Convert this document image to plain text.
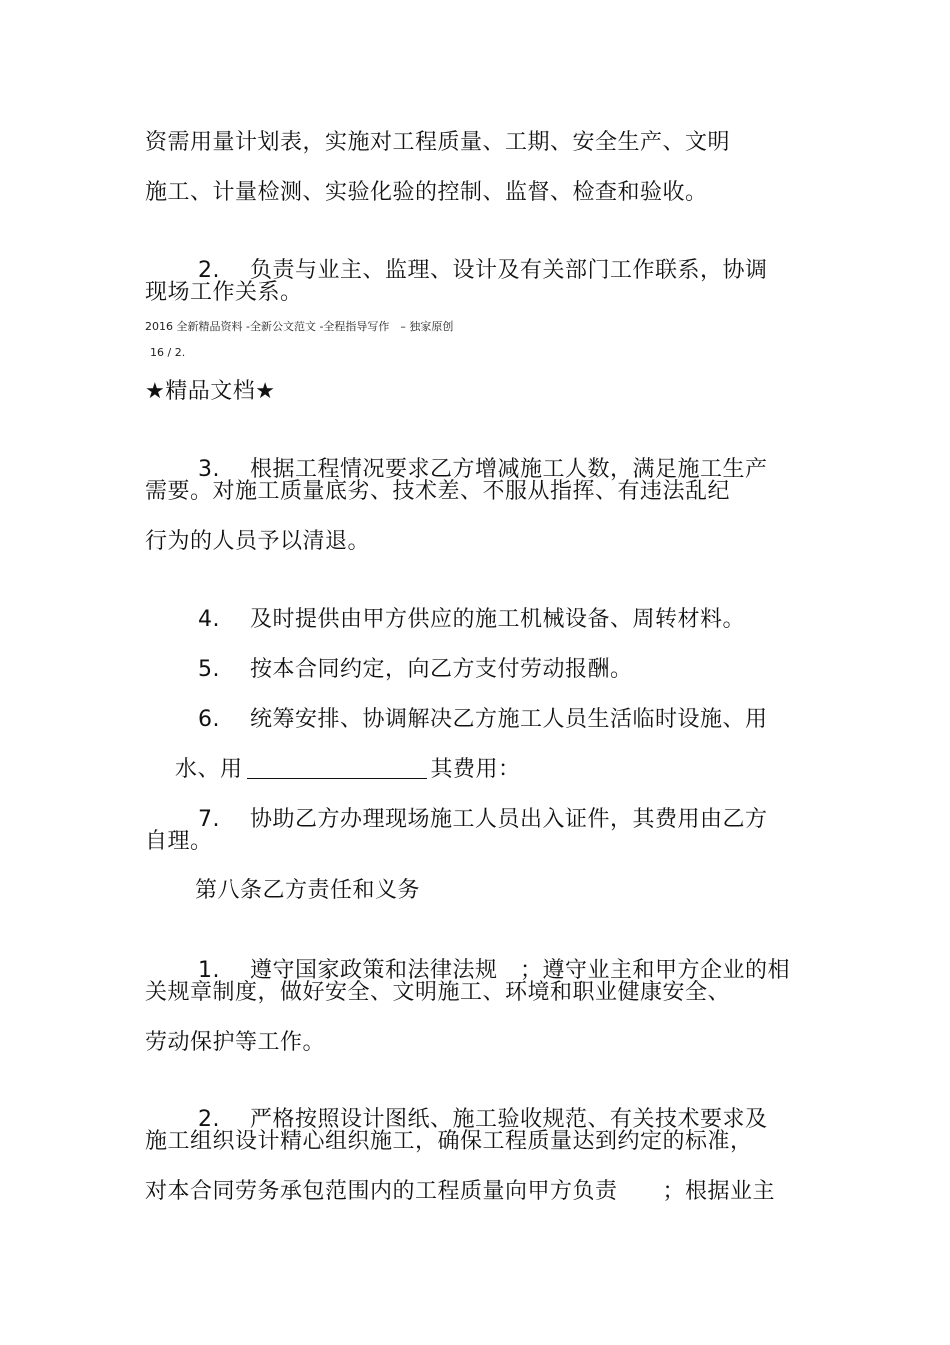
资需用量计划表，实施对工程质量、工期、安全生产、文明
施工、计量检测、实验化验的控制、监督、检查和验收。

2. 负责与业主、监理、设计及有关部门工作联系，协调

现场工作关系。
2016 全新精品资料 -全新公文范文 -全程指导写作　– 独家原创
16 / 2.
★精品文档★

3. 根据工程情况要求乙方增减施工人数，满足施工生产

需要。对施工质量底劣、技术差、不服从指挥、有违法乱纪
行为的人员予以清退。

4. 及时提供由甲方供应的施工机械设备、周转材料。

5. 按本合同约定，向乙方支付劳动报酬。

6. 统筹安排、协调解决乙方施工人员生活临时设施、用

水、用	其费用：

7. 协助乙方办理现场施工人员出入证件，其费用由乙方

自理。
第八条乙方责任和义务

1. 遵守国家政策和法律法规　；遵守业主和甲方企业的相

关规章制度，做好安全、文明施工、环境和职业健康安全、
劳动保护等工作。

2. 严格按照设计图纸、施工验收规范、有关技术要求及

施工组织设计精心组织施工，确保工程质量达到约定的标准，
对本合同劳务承包范围内的工程质量向甲方负责　　；根据业主
